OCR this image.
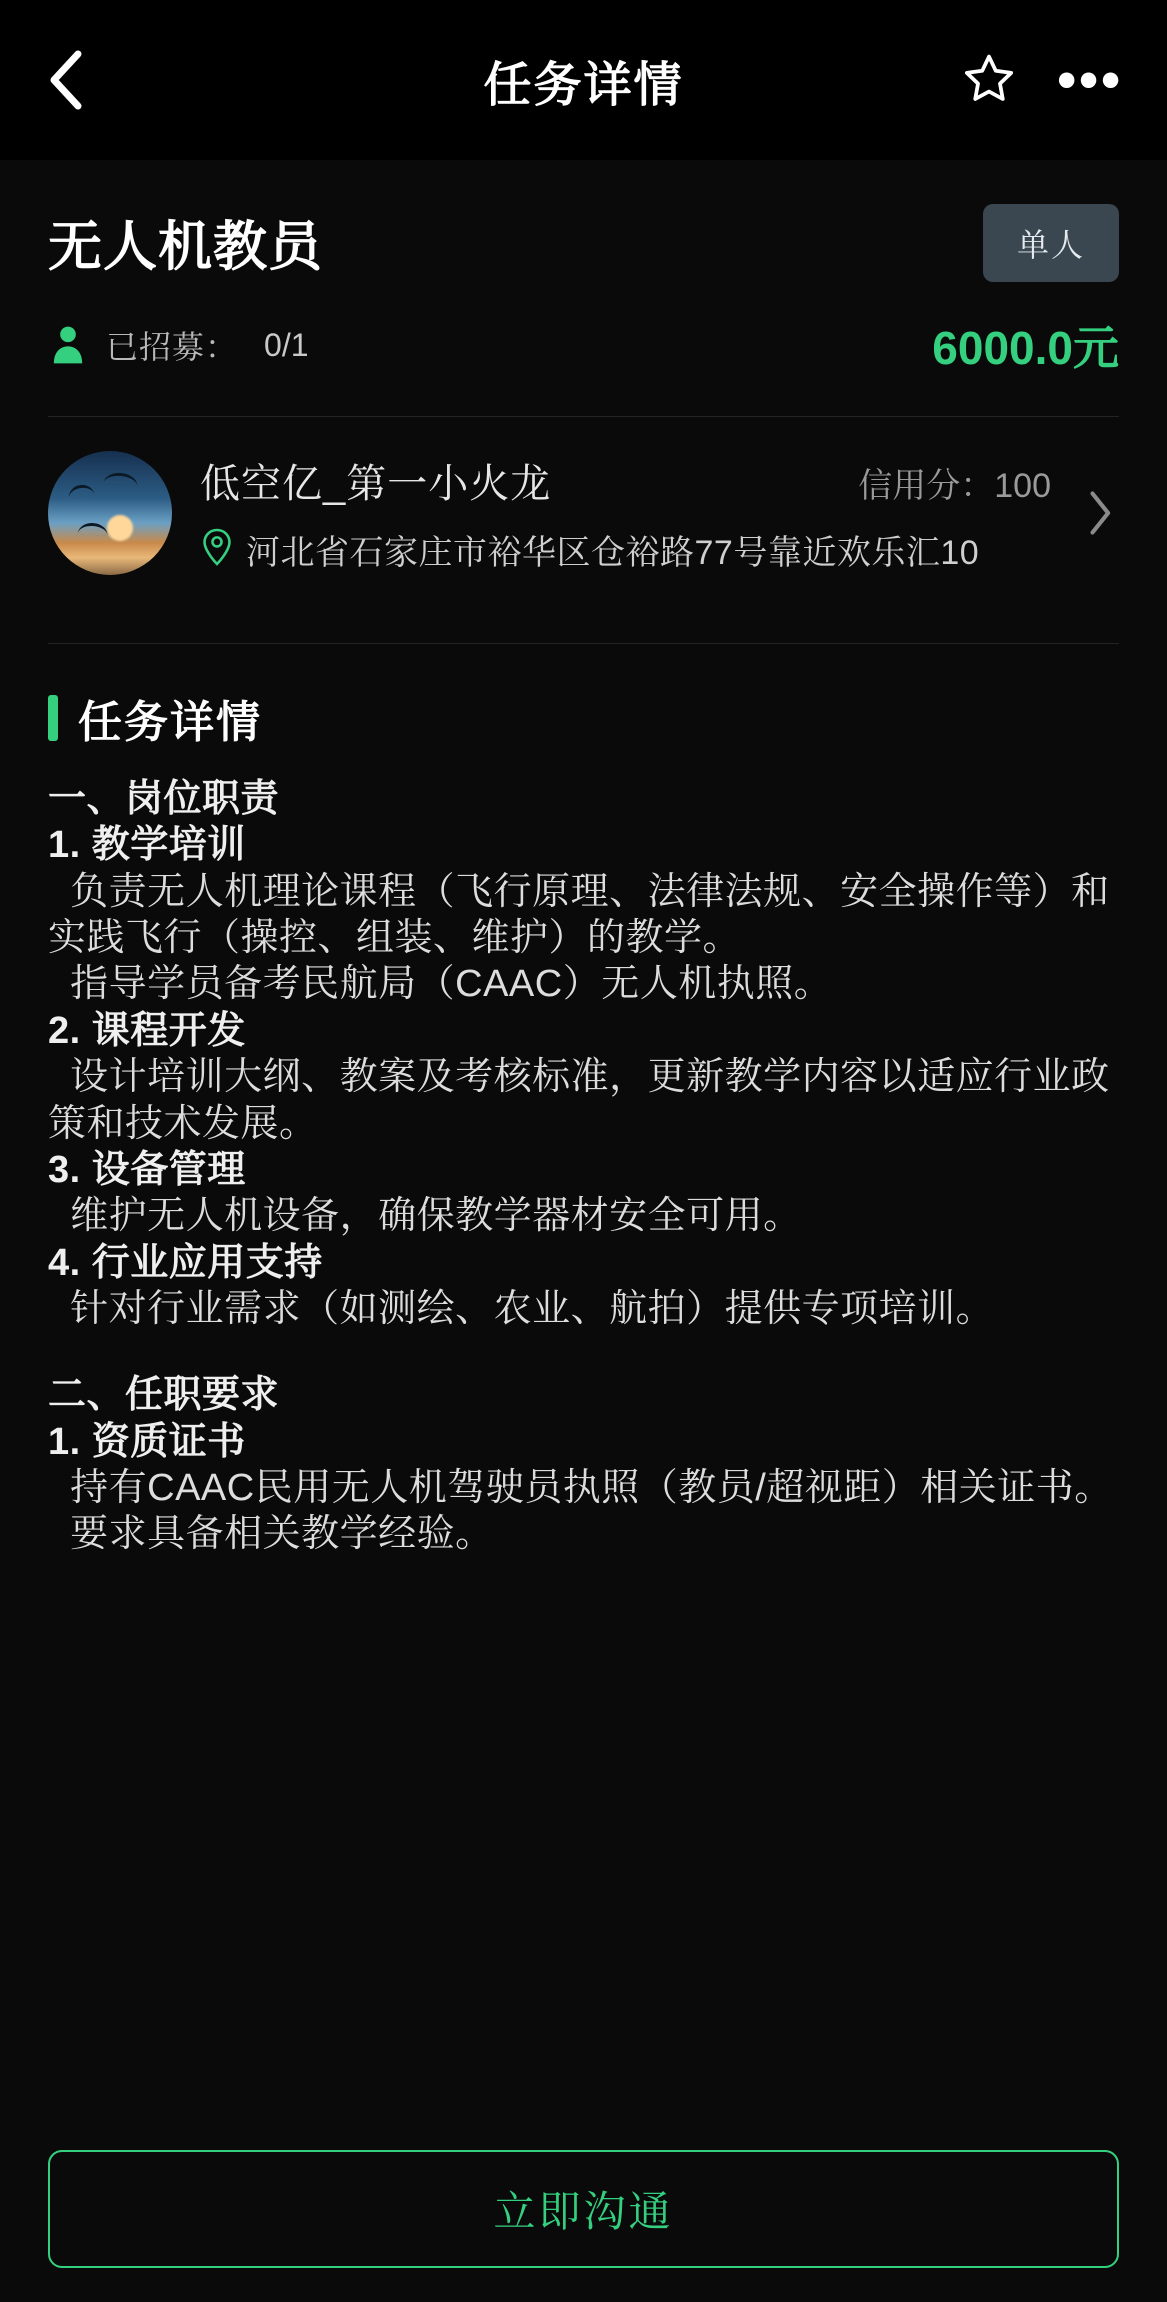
任务详情	•••
无人机教员	单人
已招募： 0/1	6000.0元
低空亿_第一小火龙	信用分：100
河北省石家庄市裕华区仓裕路77号靠近欢乐汇10
任务详情

一、岗位职责

1. 教学培训

负责无人机理论课程（飞行原理、法律法规、安全操作等）和实践飞行（操控、组装、维护）的教学。

指导学员备考民航局（CAAC）无人机执照。

2. 课程开发

设计培训大纲、教案及考核标准，更新教学内容以适应行业政策和技术发展。

3. 设备管理

维护无人机设备，确保教学器材安全可用。

4. 行业应用支持

针对行业需求（如测绘、农业、航拍）提供专项培训。

二、任职要求

1. 资质证书

持有CAAC民用无人机驾驶员执照（教员/超视距）相关证书。

要求具备相关教学经验。

立即沟通
